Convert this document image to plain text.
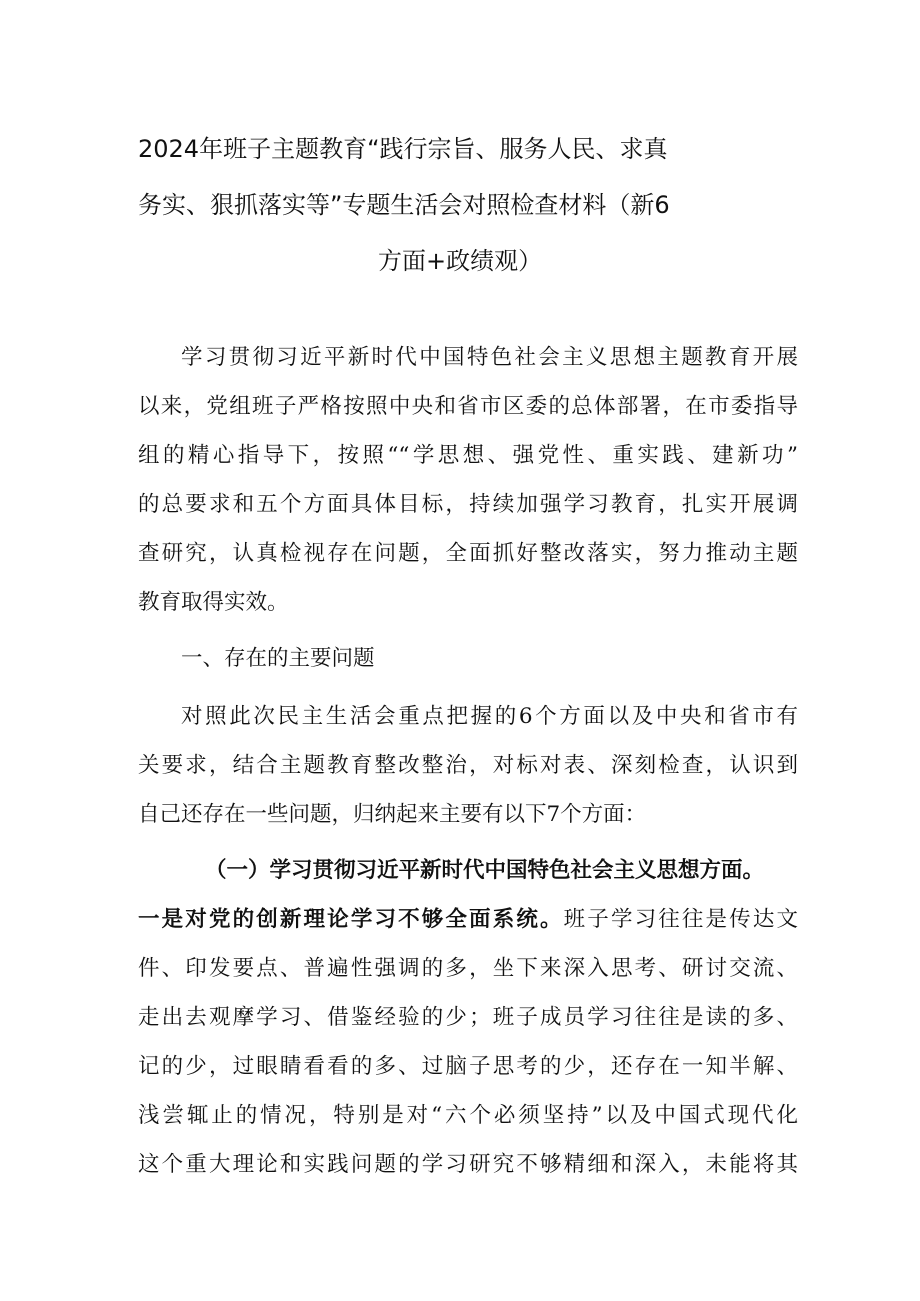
2024年班子主题教育“践行宗旨、服务人民、求真
务实、狠抓落实等”专题生活会对照检查材料（新6
方面+政绩观）
学习贯彻习近平新时代中国特色社会主义思想主题教育开展
以来，党组班子严格按照中央和省市区委的总体部署，在市委指导
组的精心指导下，按照““学思想、强党性、重实践、建新功”
的总要求和五个方面具体目标，持续加强学习教育，扎实开展调
查研究，认真检视存在问题，全面抓好整改落实，努力推动主题
教育取得实效。
一、存在的主要问题
对照此次民主生活会重点把握的6个方面以及中央和省市有
关要求，结合主题教育整改整治，对标对表、深刻检查，认识到
自己还存在一些问题，归纳起来主要有以下7个方面：
（一）学习贯彻习近平新时代中国特色社会主义思想方面。
一是对党的创新理论学习不够全面系统。班子学习往往是传达文
件、印发要点、普遍性强调的多，坐下来深入思考、研讨交流、
走出去观摩学习、借鉴经验的少；班子成员学习往往是读的多、
记的少，过眼睛看看的多、过脑子思考的少，还存在一知半解、
浅尝辄止的情况，特别是对“六个必须坚持”以及中国式现代化
这个重大理论和实践问题的学习研究不够精细和深入，未能将其
